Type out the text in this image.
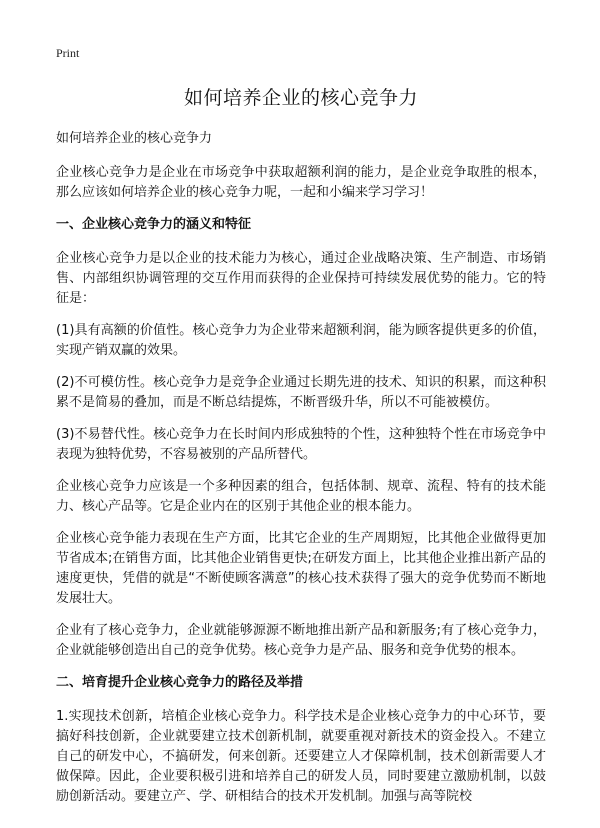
Print
如何培养企业的核心竞争力
如何培养企业的核心竞争力

企业核心竞争力是企业在市场竞争中获取超额利润的能力，是企业竞争取胜的根本，那么应该如何培养企业的核心竞争力呢，一起和小编来学习学习！

一、企业核心竞争力的涵义和特征

企业核心竞争力是以企业的技术能力为核心，通过企业战略决策、生产制造、市场销售、内部组织协调管理的交互作用而获得的企业保持可持续发展优势的能力。它的特征是：

(1)具有高额的价值性。核心竞争力为企业带来超额利润，能为顾客提供更多的价值，实现产销双赢的效果。

(2)不可模仿性。核心竞争力是竞争企业通过长期先进的技术、知识的积累，而这种积累不是简易的叠加，而是不断总结提炼，不断晋级升华，所以不可能被模仿。

(3)不易替代性。核心竞争力在长时间内形成独特的个性，这种独特个性在市场竞争中表现为独特优势，不容易被别的产品所替代。

企业核心竞争力应该是一个多种因素的组合，包括体制、规章、流程、特有的技术能力、核心产品等。它是企业内在的区别于其他企业的根本能力。

企业核心竞争能力表现在生产方面，比其它企业的生产周期短，比其他企业做得更加节省成本;在销售方面，比其他企业销售更快;在研发方面上，比其他企业推出新产品的速度更快，凭借的就是“不断使顾客满意”的核心技术获得了强大的竞争优势而不断地发展壮大。

企业有了核心竞争力，企业就能够源源不断地推出新产品和新服务;有了核心竞争力，企业就能够创造出自己的竞争优势。核心竞争力是产品、服务和竞争优势的根本。

二、培育提升企业核心竞争力的路径及举措

1.实现技术创新，培植企业核心竞争力。科学技术是企业核心竞争力的中心环节，要搞好科技创新，企业就要建立技术创新机制，就要重视对新技术的资金投入。不建立自己的研发中心，不搞研发，何来创新。还要建立人才保障机制，技术创新需要人才做保障。因此，企业要积极引进和培养自己的研发人员，同时要建立激励机制，以鼓励创新活动。要建立产、学、研相结合的技术开发机制。加强与高等院校
